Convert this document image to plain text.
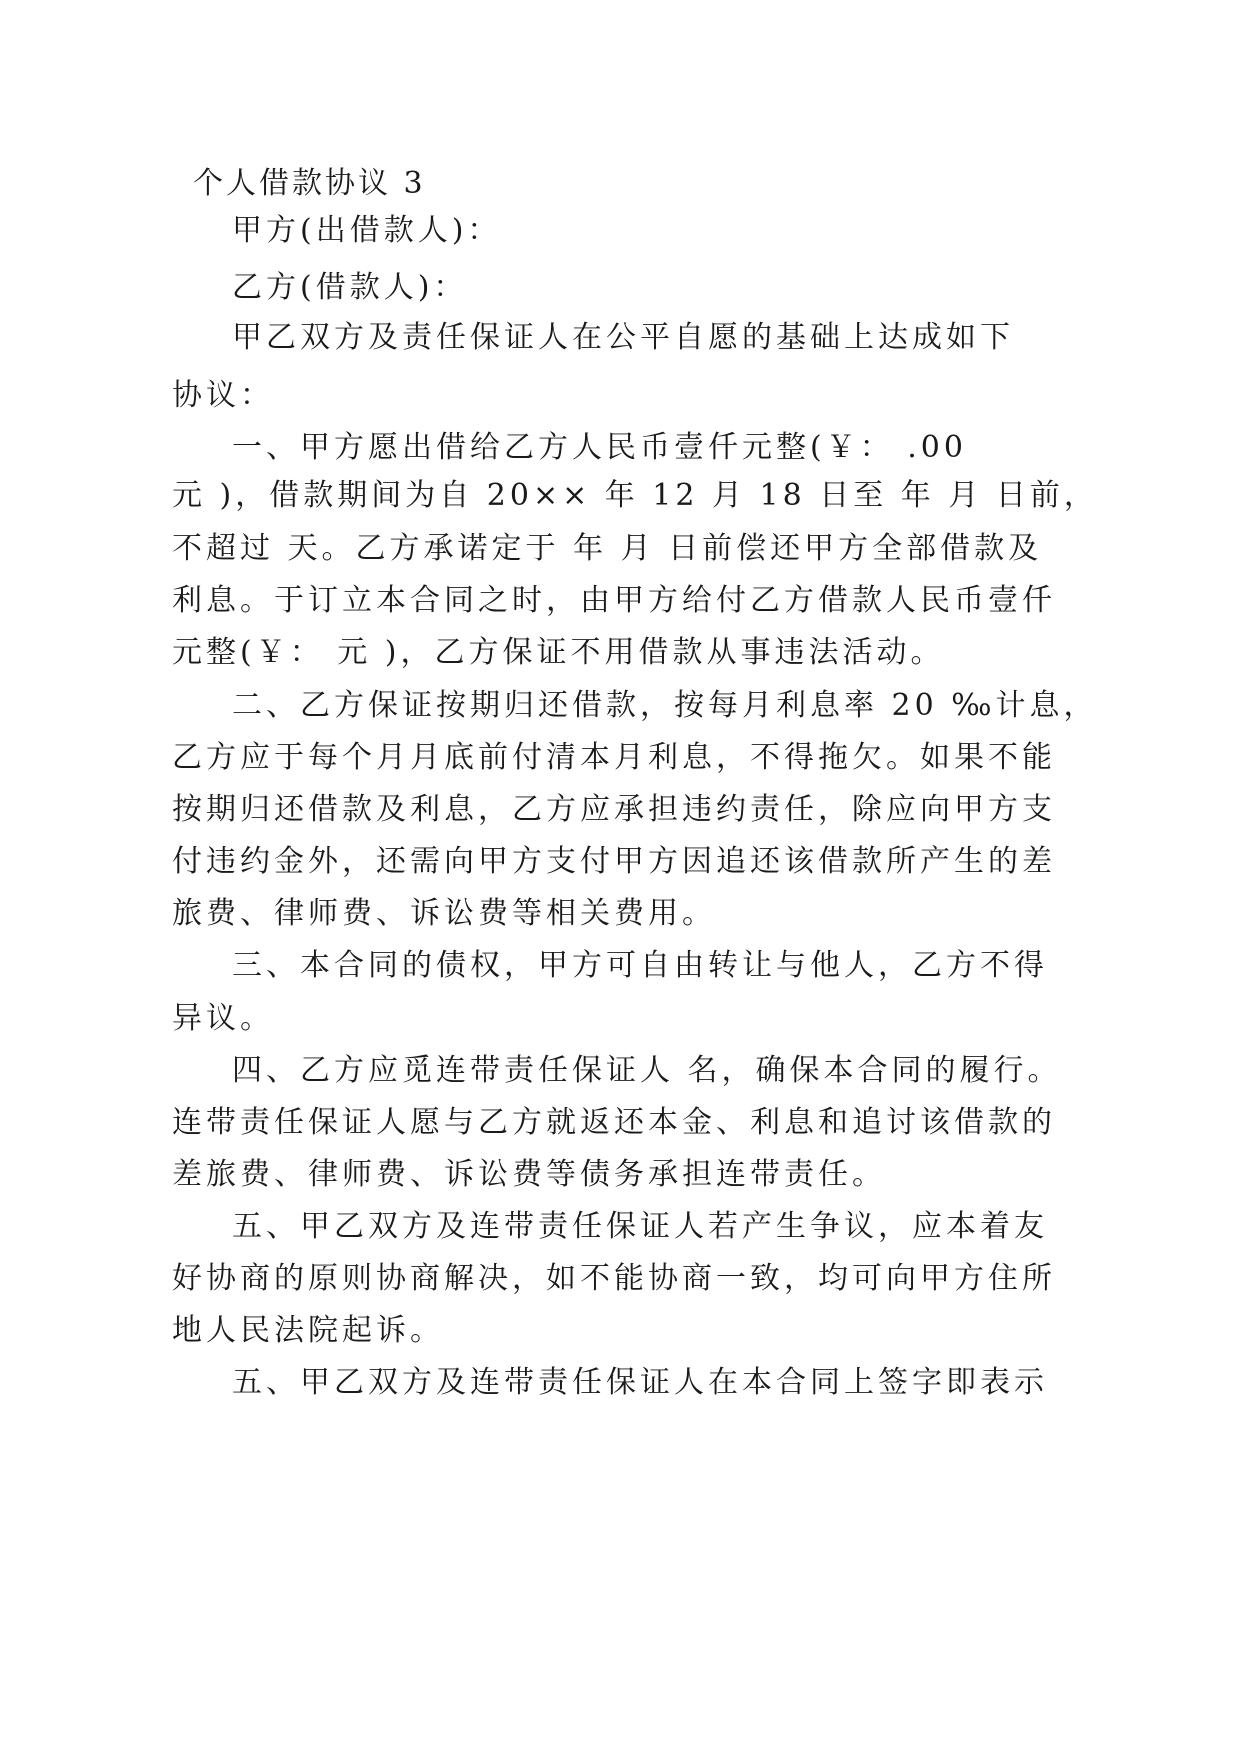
个人借款协议 3
甲方(出借款人)：
乙方(借款人)：
甲乙双方及责任保证人在公平自愿的基础上达成如下
协议：
一、甲方愿出借给乙方人民币壹仟元整(￥： .00
元 )，借款期间为自 20×× 年 12 月 18 日至 年 月 日前，
不超过 天。乙方承诺定于 年 月 日前偿还甲方全部借款及
利息。于订立本合同之时，由甲方给付乙方借款人民币壹仟
元整(￥： 元 )，乙方保证不用借款从事违法活动。
二、乙方保证按期归还借款，按每月利息率 20 ‰计息，
乙方应于每个月月底前付清本月利息，不得拖欠。如果不能
按期归还借款及利息，乙方应承担违约责任，除应向甲方支
付违约金外，还需向甲方支付甲方因追还该借款所产生的差
旅费、律师费、诉讼费等相关费用。
三、本合同的债权，甲方可自由转让与他人，乙方不得
异议。
四、乙方应觅连带责任保证人 名，确保本合同的履行。
连带责任保证人愿与乙方就返还本金、利息和追讨该借款的
差旅费、律师费、诉讼费等债务承担连带责任。
五、甲乙双方及连带责任保证人若产生争议，应本着友
好协商的原则协商解决，如不能协商一致，均可向甲方住所
地人民法院起诉。
五、甲乙双方及连带责任保证人在本合同上签字即表示
